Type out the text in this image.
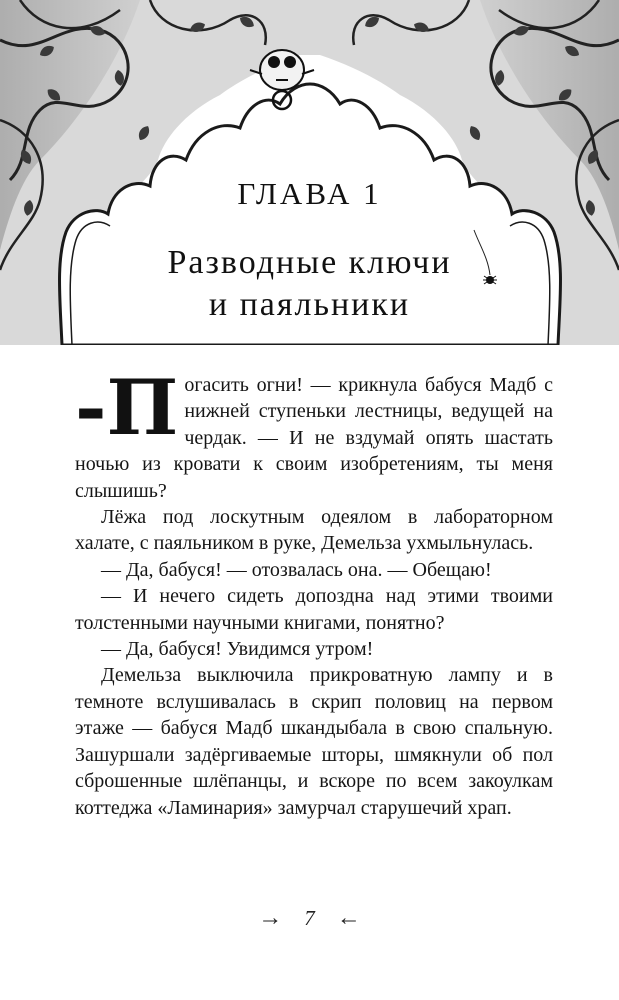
ГЛАВА 1
Разводные ключи
и паяльники

-П огасить огни! — крикнула бабуся Мадб с нижней ступеньки лестницы, ведущей на чердак. — И не вздумай опять шастать ночью из кровати к своим изобретениям, ты меня слышишь?

Лёжа под лоскутным одеялом в лабораторном халате, с паяльником в руке, Демельза ухмыльнулась.

— Да, бабуся! — отозвалась она. — Обещаю!

— И нечего сидеть допоздна над этими твоими толстенными научными книгами, понятно?

— Да, бабуся! Увидимся утром!

Демельза выключила прикроватную лампу и в темноте вслушивалась в скрип половиц на первом этаже — бабуся Мадб шкандыбала в свою спальную. Зашуршали задёргиваемые шторы, шмякнули об пол сброшенные шлёпанцы, и вскоре по всем закоулкам коттеджа «Ламинария» замурчал старушечий храп.

→ 7 ←
